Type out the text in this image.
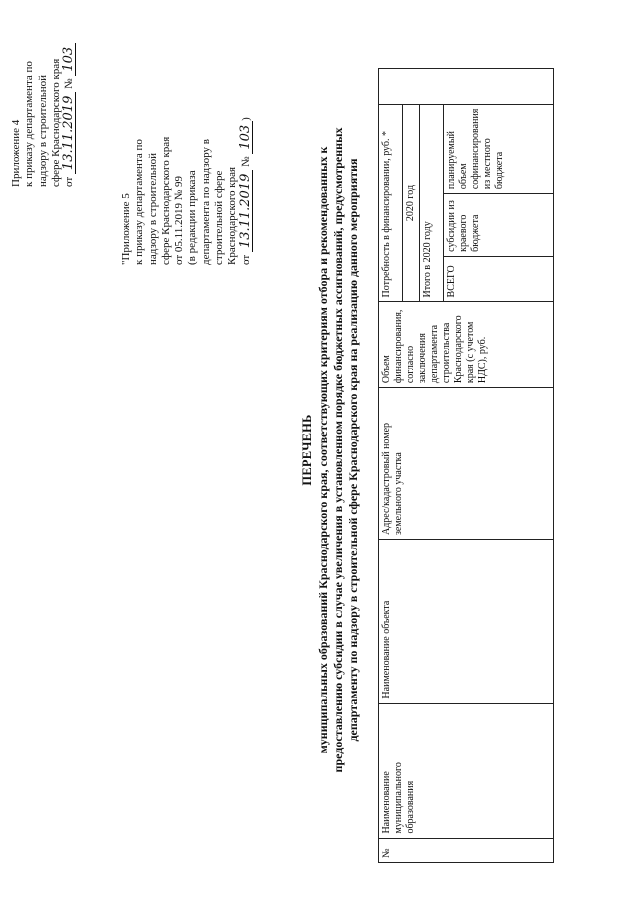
Приложение 4 к приказу департамента по надзору в строительной сфере Краснодарского края от 13.11.2019 № 103
"Приложение 5 к приказу департамента по надзору в строительной сфере Краснодарского края от 05.11.2019 № 99 (в редакции приказа департамента по надзору в строительной сфере Краснодарского края от 13.11.2019 № 103)
ПЕРЕЧЕНЬ муниципальных образований Краснодарского края, соответствующих критериям отбора и рекомендованных к предоставлению субсидии в случае увеличения в установленном порядке бюджетных ассигнований, предусмотренных департаменту по надзору в строительной сфере Краснодарского края на реализацию данного мероприятия
№	Наименование муниципального образования	Наименование объекта	Адрес/кадастровый номер земельного участка	Объем финансирования, согласно заключения департамента строительства Краснодарского края (с учетом НДС), руб.	Потребность в финансировании, руб. *			
					2020 год			
					Итого в 2020 году			
					ВСЕГО	субсидии из краевого бюджета	планируемый объем софинансирования из местного бюджета	
